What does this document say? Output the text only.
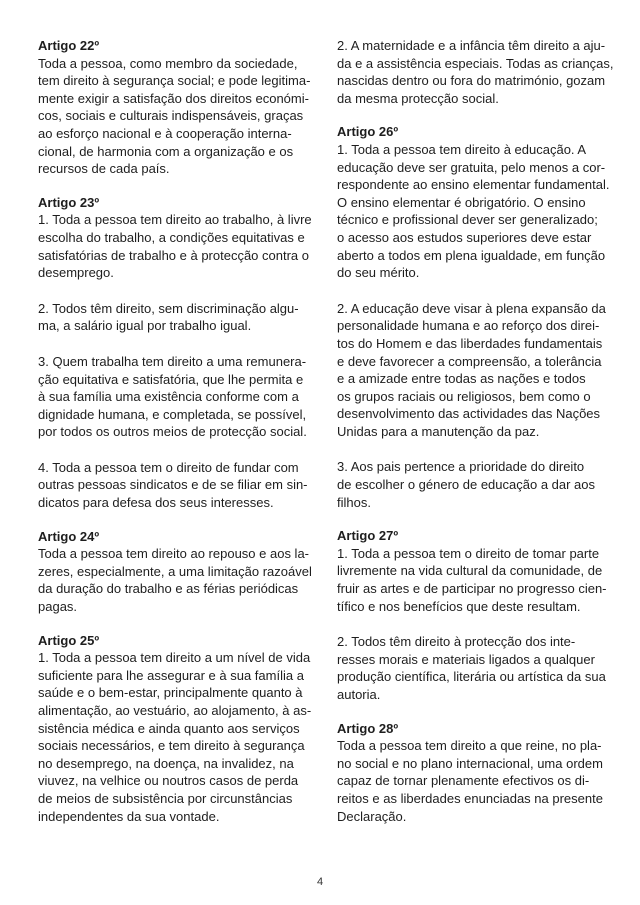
Artigo 22º
Toda a pessoa, como membro da sociedade,
tem direito à segurança social; e pode legitima-
mente exigir a satisfação dos direitos económi-
cos, sociais e culturais indispensáveis, graças
ao esforço nacional e à cooperação interna-
cional, de harmonia com a organização e os
recursos de cada país.
Artigo 23º
1. Toda a pessoa tem direito ao trabalho, à livre
escolha do trabalho, a condições equitativas e
satisfatórias de trabalho e à protecção contra o
desemprego.
2. Todos têm direito, sem discriminação algu-
ma, a salário igual por trabalho igual.
3. Quem trabalha tem direito a uma remunera-
ção equitativa e satisfatória, que lhe permita e
à sua família uma existência conforme com a
dignidade humana, e completada, se possível,
por todos os outros meios de protecção social.
4. Toda a pessoa tem o direito de fundar com
outras pessoas sindicatos e de se filiar em sin-
dicatos para defesa dos seus interesses.
Artigo 24º
Toda a pessoa tem direito ao repouso e aos la-
zeres, especialmente, a uma limitação razoável
da duração do trabalho e as férias periódicas
pagas.
Artigo 25º
1. Toda a pessoa tem direito a um nível de vida
suficiente para lhe assegurar e à sua família a
saúde e o bem-estar, principalmente quanto à
alimentação, ao vestuário, ao alojamento, à as-
sistência médica e ainda quanto aos serviços
sociais necessários, e tem direito à segurança
no desemprego, na doença, na invalidez, na
viuvez, na velhice ou noutros casos de perda
de meios de subsistência por circunstâncias
independentes da sua vontade.
2. A maternidade e a infância têm direito a aju-
da e a assistência especiais. Todas as crianças,
nascidas dentro ou fora do matrimónio, gozam
da mesma protecção social.
Artigo 26º
1. Toda a pessoa tem direito à educação. A
educação deve ser gratuita, pelo menos a cor-
respondente ao ensino elementar fundamental.
O ensino elementar é obrigatório. O ensino
técnico e profissional dever ser generalizado;
o acesso aos estudos superiores deve estar
aberto a todos em plena igualdade, em função
do seu mérito.
2. A educação deve visar à plena expansão da
personalidade humana e ao reforço dos direi-
tos do Homem e das liberdades fundamentais
e deve favorecer a compreensão, a tolerância
e a amizade entre todas as nações e todos
os grupos raciais ou religiosos, bem como o
desenvolvimento das actividades das Nações
Unidas para a manutenção da paz.
3. Aos pais pertence a prioridade do direito
de escolher o género de educação a dar aos
filhos.
Artigo 27º
1. Toda a pessoa tem o direito de tomar parte
livremente na vida cultural da comunidade, de
fruir as artes e de participar no progresso cien-
tífico e nos benefícios que deste resultam.
2. Todos têm direito à protecção dos inte-
resses morais e materiais ligados a qualquer
produção científica, literária ou artística da sua
autoria.
Artigo 28º
Toda a pessoa tem direito a que reine, no pla-
no social e no plano internacional, uma ordem
capaz de tornar plenamente efectivos os di-
reitos e as liberdades enunciadas na presente
Declaração.
4
